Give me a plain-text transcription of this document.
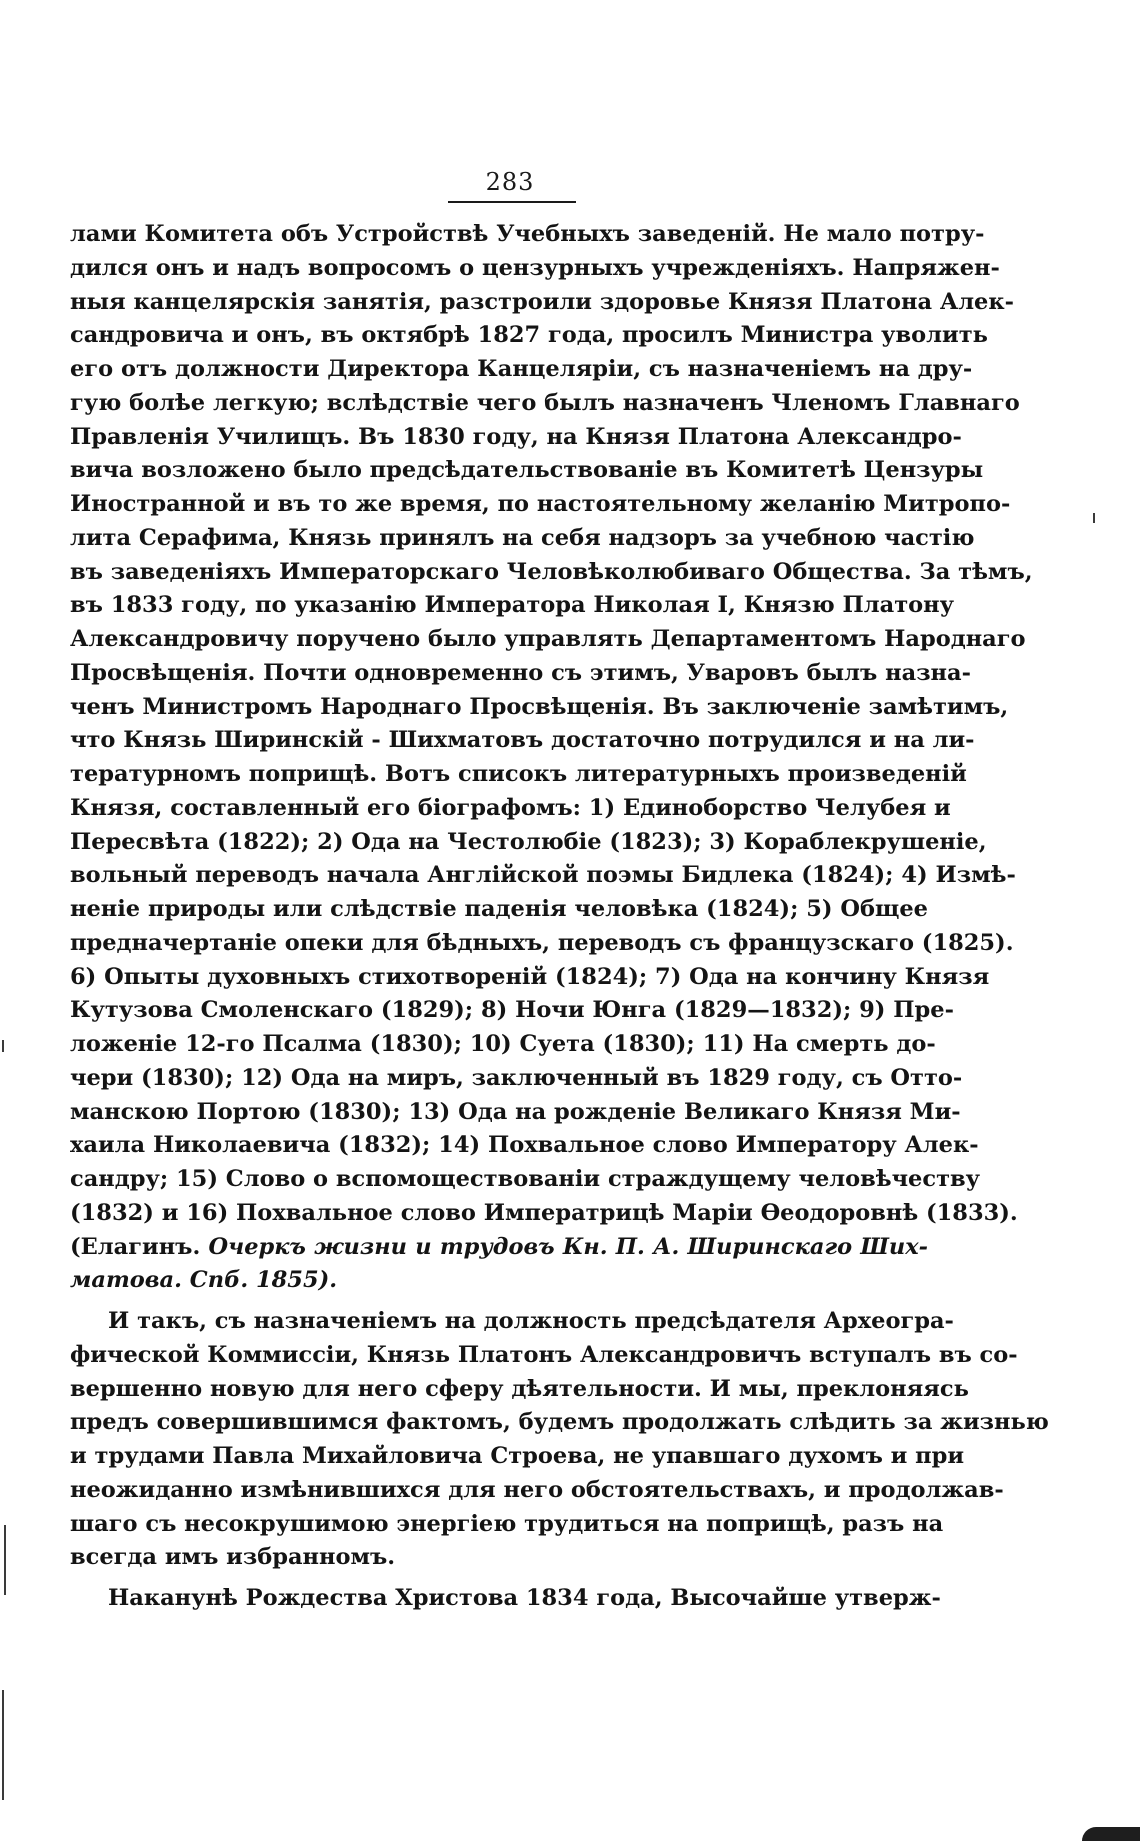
283
лами Комитета объ Устройствѣ Учебныхъ заведеній. Не мало потру-
дился онъ и надъ вопросомъ о цензурныхъ учрежденіяхъ. Напряжен-
ныя канцелярскія занятія, разстроили здоровье Князя Платона Алек-
сандровича и онъ, въ октябрѣ 1827 года, просилъ Министра уволить
его отъ должности Директора Канцеляріи, съ назначеніемъ на дру-
гую болѣе легкую; вслѣдствіе чего былъ назначенъ Членомъ Главнаго
Правленія Училищъ. Въ 1830 году, на Князя Платона Александро-
вича возложено было предсѣдательствованіе въ Комитетѣ Цензуры
Иностранной и въ то же время, по настоятельному желанію Митропо-
лита Серафима, Князь принялъ на себя надзоръ за учебною частію
въ заведеніяхъ Императорскаго Человѣколюбиваго Общества. За тѣмъ,
въ 1833 году, по указанію Императора Николая I, Князю Платону
Александровичу поручено было управлять Департаментомъ Народнаго
Просвѣщенія. Почти одновременно съ этимъ, Уваровъ былъ назна-
ченъ Министромъ Народнаго Просвѣщенія. Въ заключеніе замѣтимъ,
что Князь Ширинскій - Шихматовъ достаточно потрудился и на ли-
тературномъ поприщѣ. Вотъ списокъ литературныхъ произведеній
Князя, составленный его біографомъ: 1) Единоборство Челубея и
Пересвѣта (1822); 2) Ода на Честолюбіе (1823); 3) Кораблекрушеніе,
вольный переводъ начала Англійской поэмы Бидлека (1824); 4) Измѣ-
неніе природы или слѣдствіе паденія человѣка (1824); 5) Общее
предначертаніе опеки для бѣдныхъ, переводъ съ французскаго (1825).
6) Опыты духовныхъ стихотвореній (1824); 7) Ода на кончину Князя
Кутузова Смоленскаго (1829); 8) Ночи Юнга (1829—1832); 9) Пре-
ложеніе 12-го Псалма (1830); 10) Суета (1830); 11) На смерть до-
чери (1830); 12) Ода на миръ, заключенный въ 1829 году, съ Отто-
манскою Портою (1830); 13) Ода на рожденіе Великаго Князя Ми-
хаила Николаевича (1832); 14) Похвальное слово Императору Алек-
сандру; 15) Слово о вспомоществованіи страждущему человѣчеству
(1832) и 16) Похвальное слово Императрицѣ Маріи Ѳеодоровнѣ (1833).
(Елагинъ. Очеркъ жизни и трудовъ Кн. П. А. Ширинскаго Ших-
матова. Спб. 1855).
И такъ, съ назначеніемъ на должность предсѣдателя Археогра-
фической Коммиссіи, Князь Платонъ Александровичъ вступалъ въ со-
вершенно новую для него сферу дѣятельности. И мы, преклоняясь
предъ совершившимся фактомъ, будемъ продолжать слѣдить за жизнью
и трудами Павла Михайловича Строева, не упавшаго духомъ и при
неожиданно измѣнившихся для него обстоятельствахъ, и продолжав-
шаго съ несокрушимою энергіею трудиться на поприщѣ, разъ на
всегда имъ избранномъ.
Наканунѣ Рождества Христова 1834 года, Высочайше утверж-
